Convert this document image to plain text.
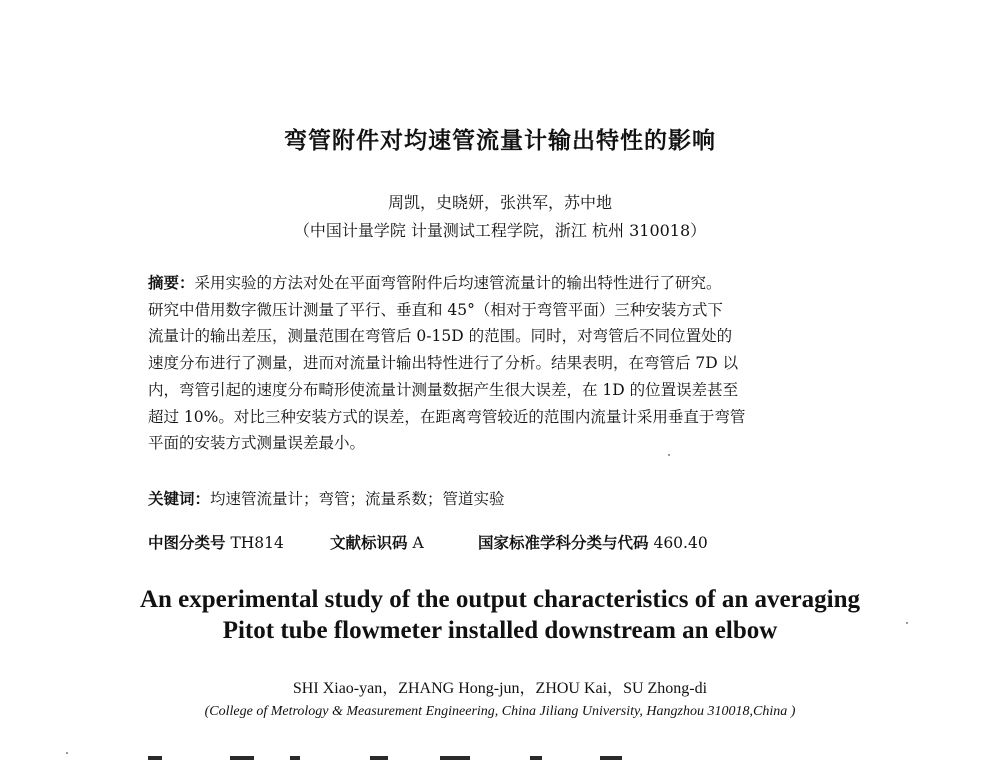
弯管附件对均速管流量计输出特性的影响
周凯，史晓妍，张洪军，苏中地
（中国计量学院 计量测试工程学院，浙江 杭州 310018）
摘要：采用实验的方法对处在平面弯管附件后均速管流量计的输出特性进行了研究。
研究中借用数字微压计测量了平行、垂直和 45°（相对于弯管平面）三种安装方式下
流量计的输出差压，测量范围在弯管后 0-15D 的范围。同时，对弯管后不同位置处的
速度分布进行了测量，进而对流量计输出特性进行了分析。结果表明，在弯管后 7D 以
内，弯管引起的速度分布畸形使流量计测量数据产生很大误差，在 1D 的位置误差甚至
超过 10%。对比三种安装方式的误差，在距离弯管较近的范围内流量计采用垂直于弯管
平面的安装方式测量误差最小。
关键词：均速管流量计；弯管；流量系数；管道实验
中图分类号 TH814	文献标识码 A	国家标准学科分类与代码 460.40
An experimental study of the output characteristics of an averaging
Pitot tube flowmeter installed downstream an elbow
SHI Xiao-yan，ZHANG Hong-jun，ZHOU Kai，SU Zhong-di
(College of Metrology & Measurement Engineering, China Jiliang University, Hangzhou 310018,China )
